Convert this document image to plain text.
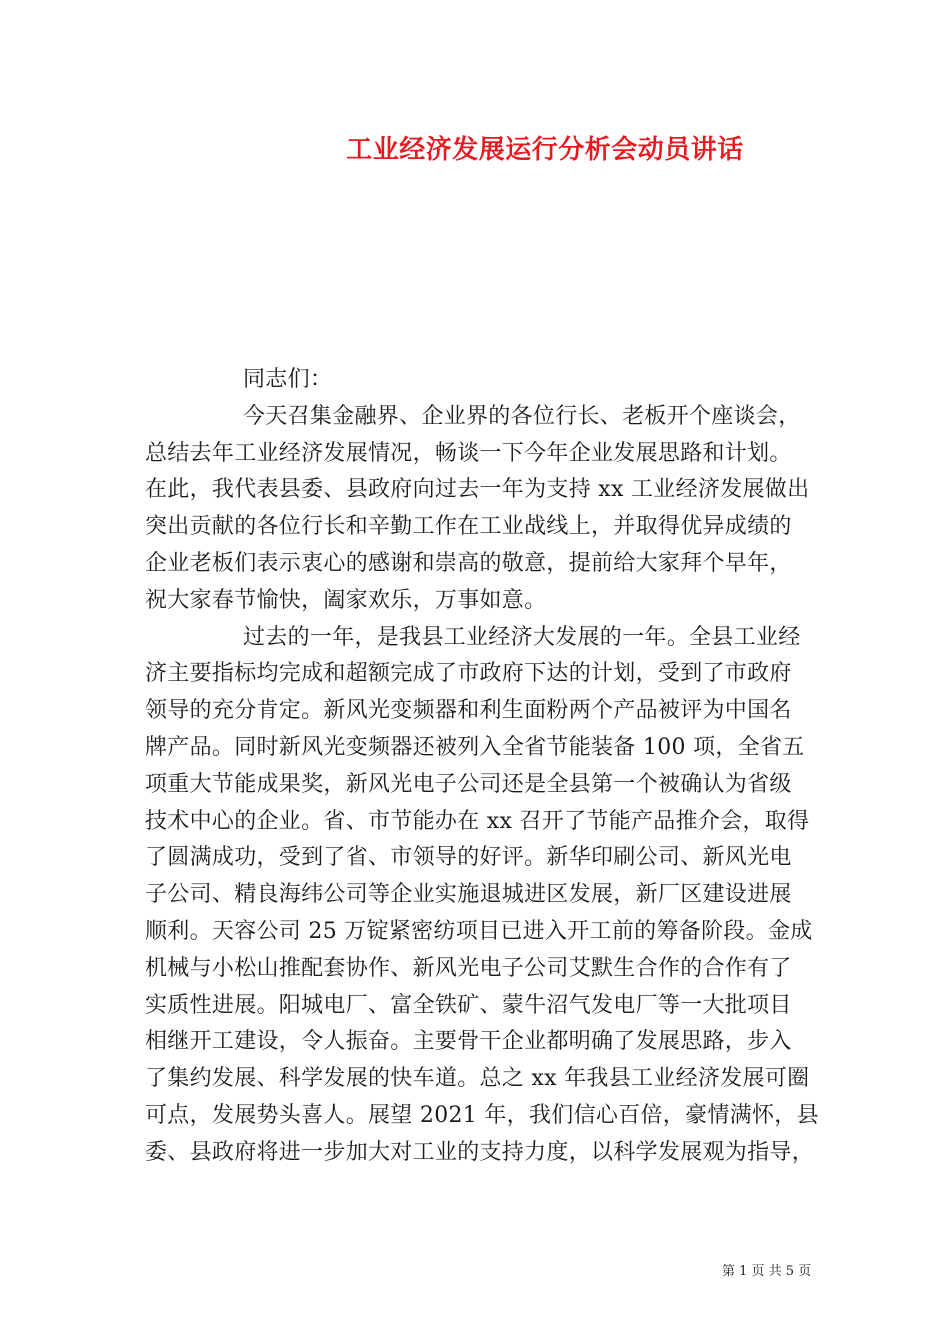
工业经济发展运行分析会动员讲话
同志们：
今天召集金融界、企业界的各位行长、老板开个座谈会，
总结去年工业经济发展情况，畅谈一下今年企业发展思路和计划。
在此，我代表县委、县政府向过去一年为支持 xx 工业经济发展做出
突出贡献的各位行长和辛勤工作在工业战线上，并取得优异成绩的
企业老板们表示衷心的感谢和崇高的敬意，提前给大家拜个早年，
祝大家春节愉快，阖家欢乐，万事如意。
过去的一年，是我县工业经济大发展的一年。全县工业经
济主要指标均完成和超额完成了市政府下达的计划，受到了市政府
领导的充分肯定。新风光变频器和利生面粉两个产品被评为中国名
牌产品。同时新风光变频器还被列入全省节能装备 100 项，全省五
项重大节能成果奖，新风光电子公司还是全县第一个被确认为省级
技术中心的企业。省、市节能办在 xx 召开了节能产品推介会，取得
了圆满成功，受到了省、市领导的好评。新华印刷公司、新风光电
子公司、精良海纬公司等企业实施退城进区发展，新厂区建设进展
顺利。天容公司 25 万锭紧密纺项目已进入开工前的筹备阶段。金成
机械与小松山推配套协作、新风光电子公司艾默生合作的合作有了
实质性进展。阳城电厂、富全铁矿、蒙牛沼气发电厂等一大批项目
相继开工建设，令人振奋。主要骨干企业都明确了发展思路，步入
了集约发展、科学发展的快车道。总之 xx 年我县工业经济发展可圈
可点，发展势头喜人。展望 2021 年，我们信心百倍，豪情满怀，县
委、县政府将进一步加大对工业的支持力度，以科学发展观为指导，
第 1 页 共 5 页
